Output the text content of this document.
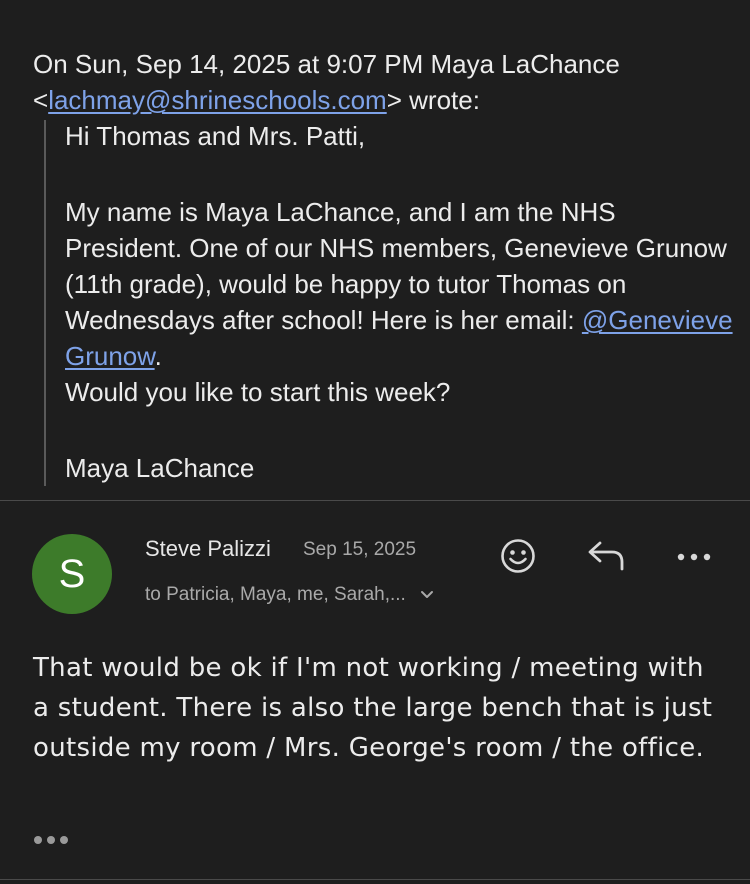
On Sun, Sep 14, 2025 at 9:07 PM Maya LaChance
<lachmay@shrineschools.com> wrote:

Hi Thomas and Mrs. Patti,

My name is Maya LaChance, and I am the NHS President. One of our NHS members, Genevieve Grunow (11th grade), would be happy to tutor Thomas on Wednesdays after school! Here is her email: @Genevieve Grunow.

Would you like to start this week?

Maya LaChance

S
Steve Palizzi Sep 15, 2025
to Patricia, Maya, me, Sarah,...
That would be ok if I'm not working / meeting with a student. There is also the large bench that is just outside my room / Mrs. George's room / the office.
